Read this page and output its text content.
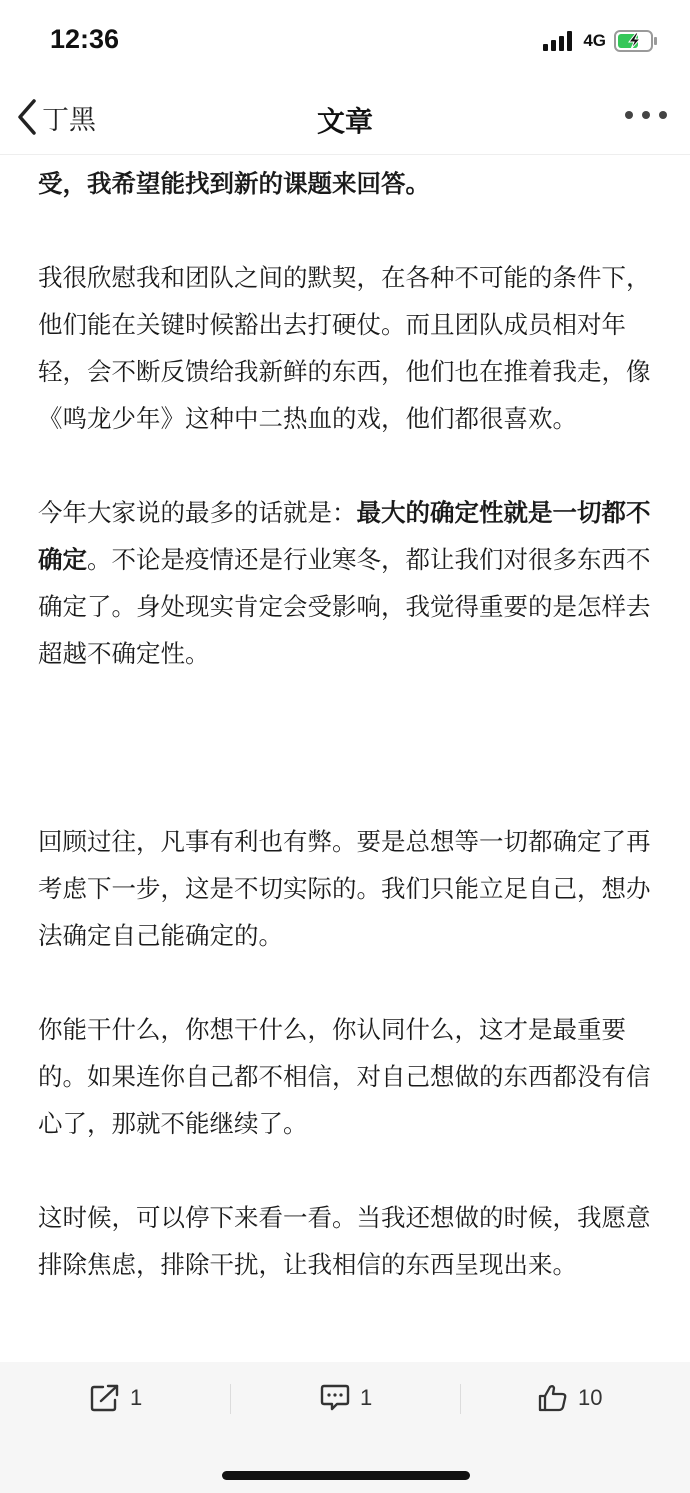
12:36	4G
丁黑	文章

受，我希望能找到新的课题来回答。

我很欣慰我和团队之间的默契，在各种不可能的条件下，他们能在关键时候豁出去打硬仗。而且团队成员相对年轻，会不断反馈给我新鲜的东西，他们也在推着我走，像《鸣龙少年》这种中二热血的戏，他们都很喜欢。

今年大家说的最多的话就是：最大的确定性就是一切都不确定。不论是疫情还是行业寒冬，都让我们对很多东西不确定了。身处现实肯定会受影响，我觉得重要的是怎样去超越不确定性。

回顾过往，凡事有利也有弊。要是总想等一切都确定了再考虑下一步，这是不切实际的。我们只能立足自己，想办法确定自己能确定的。

你能干什么，你想干什么，你认同什么，这才是最重要的。如果连你自己都不相信，对自己想做的东西都没有信心了，那就不能继续了。

这时候，可以停下来看一看。当我还想做的时候，我愿意排除焦虑，排除干扰，让我相信的东西呈现出来。

1	1	10
